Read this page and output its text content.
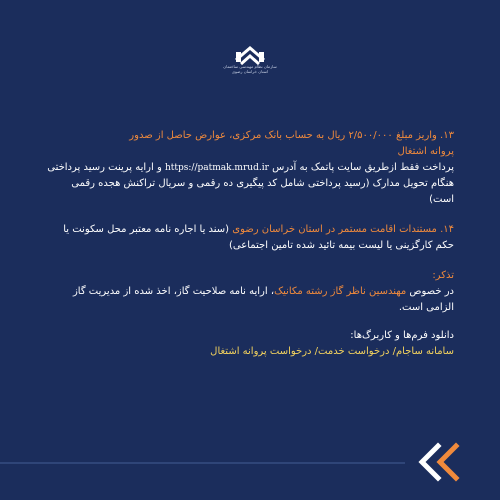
سازمان نظام مهندسی ساختمان استان خراسان رضوی

۱۳. واریز مبلغ ۲/۵۰۰/۰۰۰ ریال به حساب بانک مرکزی، عوارض حاصل از صدور
پروانه اشتغال
پرداخت فقط ازطریق سایت پاتمک به آدرس https://patmak.mrud.ir و ارایه پرینت رسید پرداختی هنگام تحویل مدارک (رسید پرداختی شامل کد پیگیری ده رقمی و سریال تراکنش هجده رقمی است)

۱۴. مستندات اقامت مستمر در استان خراسان رضوی (سند یا اجاره نامه معتبر محل سکونت یا حکم کارگزینی یا لیست بیمه تائید شده تامین اجتماعی)

تذکر:
در خصوص مهندسین ناظر گاز رشته مکانیک، ارایه نامه صلاحیت گاز، اخذ شده از مدیریت گاز الزامی است.

دانلود فرم‌ها و کاربرگ‌ها:
سامانه ساجام/ درخواست خدمت/ درخواست پروانه اشتغال
